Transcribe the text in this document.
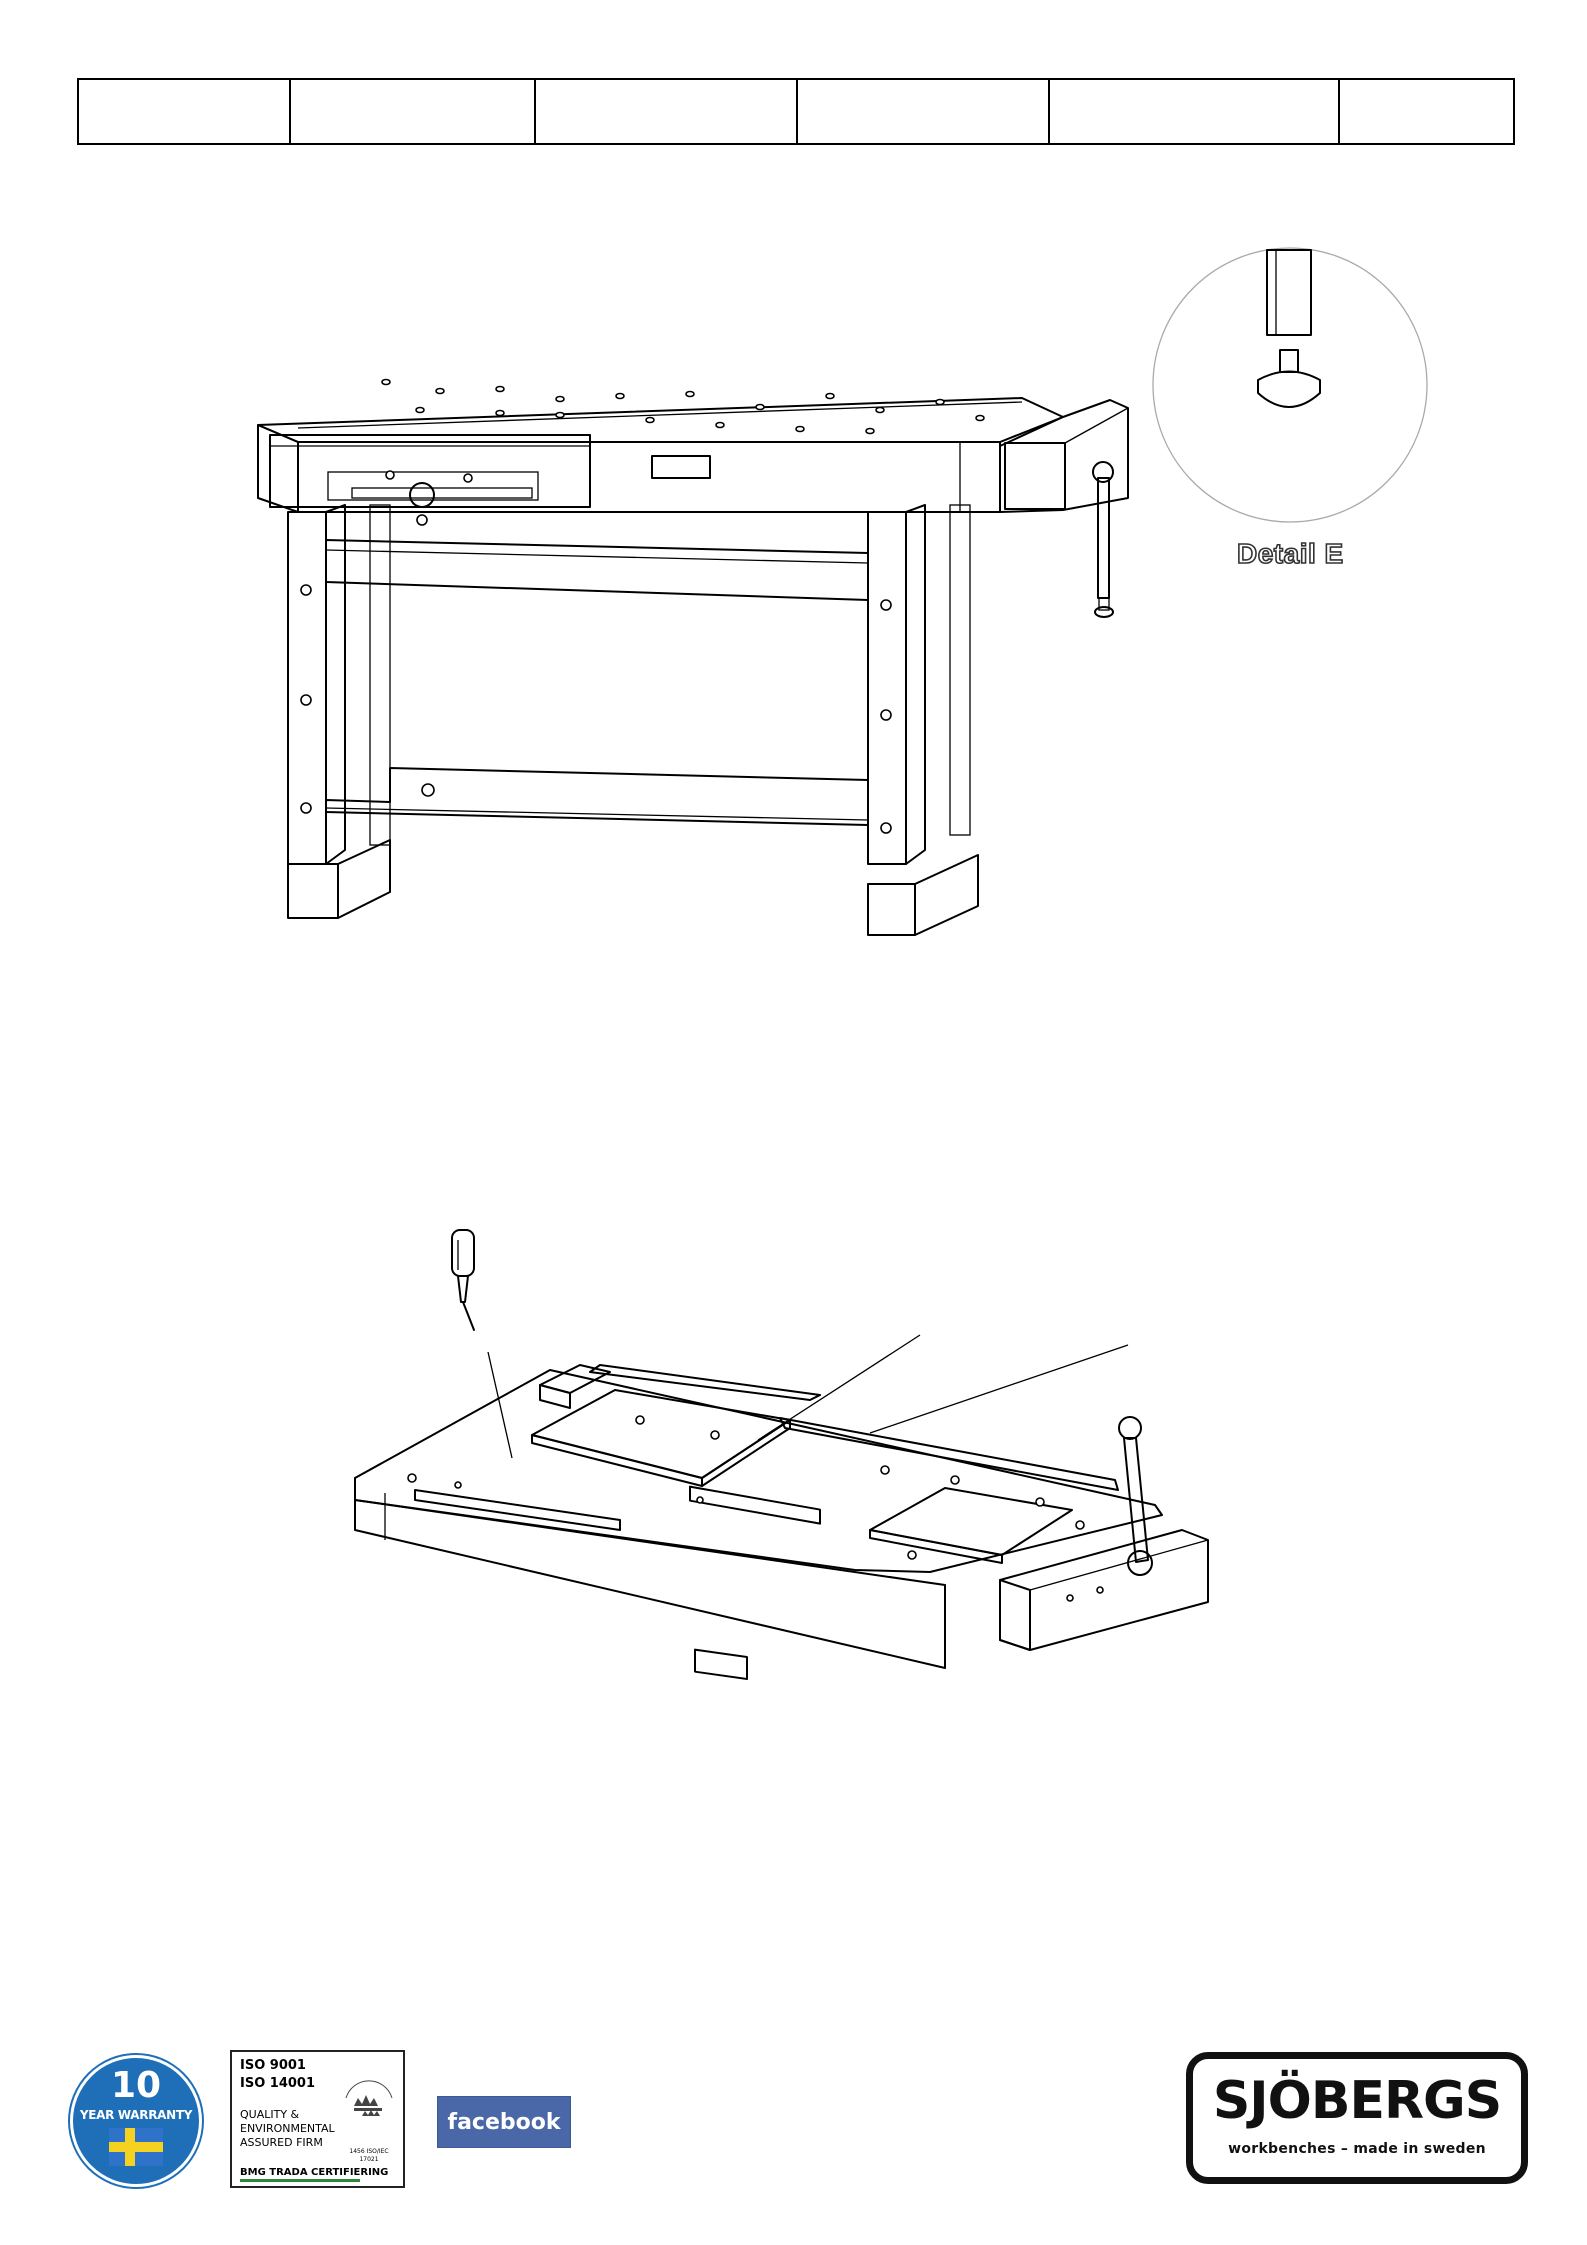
Detail E
10
YEAR WARRANTY
ISO 9001
ISO 14001
QUALITY &
ENVIRONMENTAL
ASSURED FIRM
1456 ISO/IEC 17021
BMG TRADA CERTIFIERING
facebook	SJÖBERGS
workbenches – made in sweden
